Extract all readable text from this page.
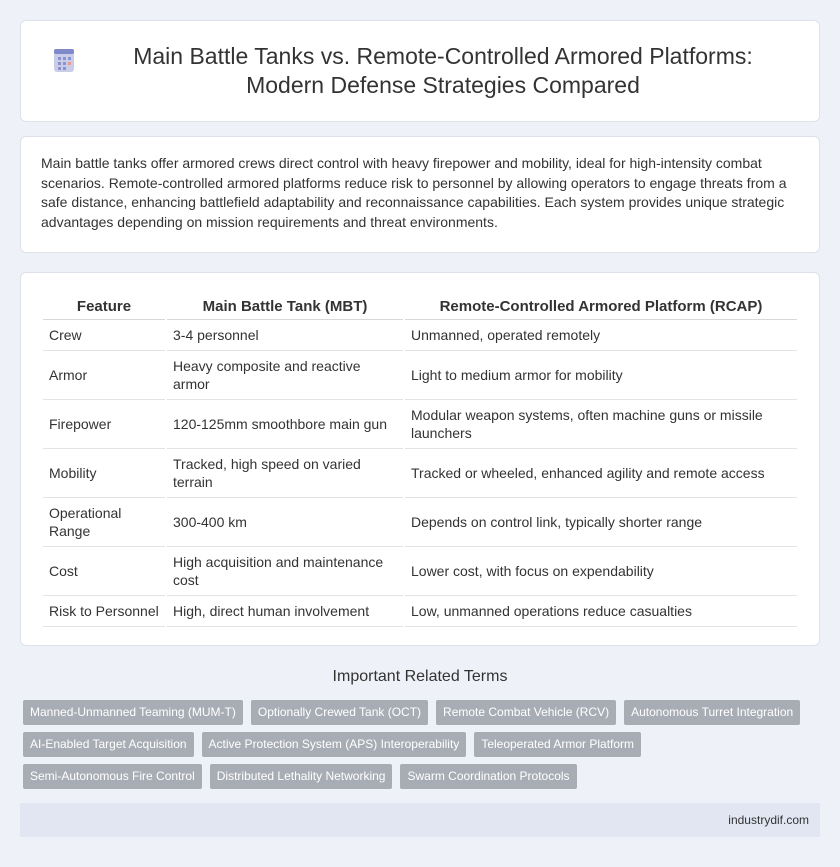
Main Battle Tanks vs. Remote-Controlled Armored Platforms: Modern Defense Strategies Compared

Main battle tanks offer armored crews direct control with heavy firepower and mobility, ideal for high-intensity combat scenarios. Remote-controlled armored platforms reduce risk to personnel by allowing operators to engage threats from a safe distance, enhancing battlefield adaptability and reconnaissance capabilities. Each system provides unique strategic advantages depending on mission requirements and threat environments.

Feature	Main Battle Tank (MBT)	Remote-Controlled Armored Platform (RCAP)
Crew	3-4 personnel	Unmanned, operated remotely
Armor	Heavy composite and reactive armor	Light to medium armor for mobility
Firepower	120-125mm smoothbore main gun	Modular weapon systems, often machine guns or missile launchers
Mobility	Tracked, high speed on varied terrain	Tracked or wheeled, enhanced agility and remote access
Operational Range	300-400 km	Depends on control link, typically shorter range
Cost	High acquisition and maintenance cost	Lower cost, with focus on expendability
Risk to Personnel	High, direct human involvement	Low, unmanned operations reduce casualties
Important Related Terms
Manned-Unmanned Teaming (MUM-T)	Optionally Crewed Tank (OCT)	Remote Combat Vehicle (RCV)	Autonomous Turret Integration
AI-Enabled Target Acquisition	Active Protection System (APS) Interoperability	Teleoperated Armor Platform
Semi-Autonomous Fire Control	Distributed Lethality Networking	Swarm Coordination Protocols
industrydif.com
